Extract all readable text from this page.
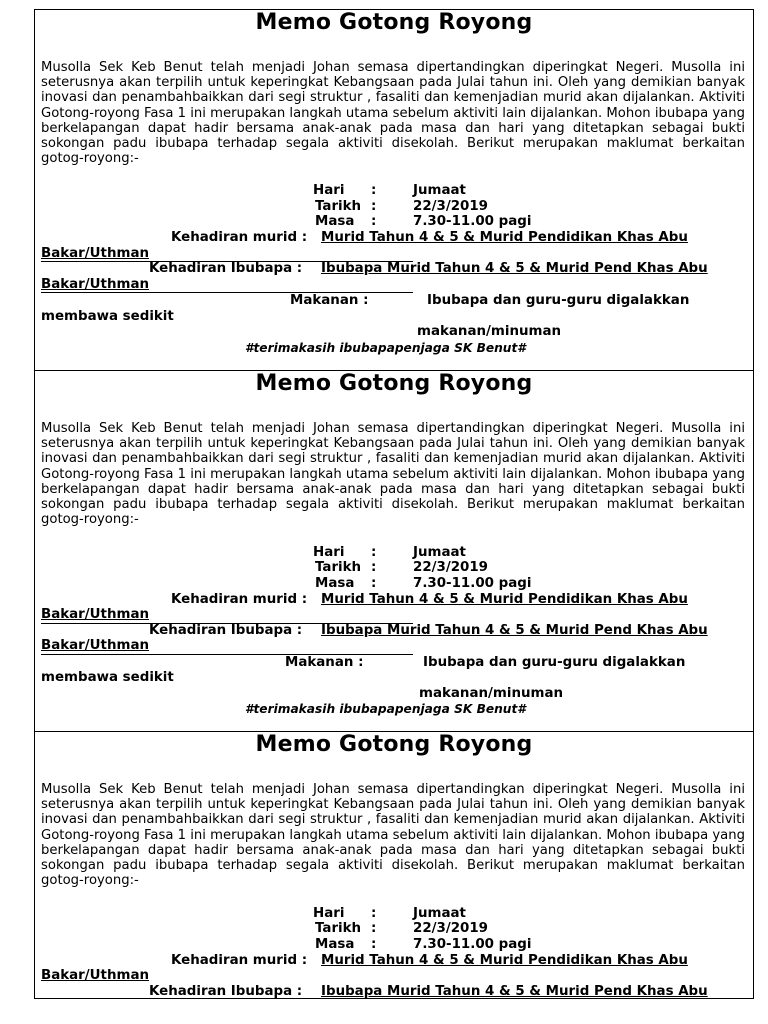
Memo Gotong Royong
Musolla Sek Keb Benut telah menjadi Johan semasa dipertandingkan diperingkat Negeri. Musolla ini seterusnya akan terpilih untuk keperingkat Kebangsaan pada Julai tahun ini. Oleh yang demikian banyak inovasi dan penambahbaikkan dari segi struktur , fasaliti dan kemenjadian murid akan dijalankan. Aktiviti Gotong-royong Fasa 1 ini merupakan langkah utama sebelum aktiviti lain dijalankan. Mohon ibubapa yang berkelapangan dapat hadir bersama anak-anak pada masa dan hari yang ditetapkan sebagai bukti sokongan padu ibubapa terhadap segala aktiviti disekolah. Berikut merupakan maklumat berkaitan gotog-royong:-
Hari :	Jumaat
Tarikh :	22/3/2019
Masa :	7.30-11.00 pagi
Kehadiran murid : Murid Tahun 4 & 5 & Murid Pendidikan Khas Abu
Bakar/Uthman
Kehadiran Ibubapa : Ibubapa Murid Tahun 4 & 5 & Murid Pend Khas Abu
Bakar/Uthman
Makanan :	Ibubapa dan guru-guru digalakkan
membawa sedikit
makanan/minuman
#terimakasih ibubapapenjaga SK Benut#
Memo Gotong Royong
Musolla Sek Keb Benut telah menjadi Johan semasa dipertandingkan diperingkat Negeri. Musolla ini seterusnya akan terpilih untuk keperingkat Kebangsaan pada Julai tahun ini. Oleh yang demikian banyak inovasi dan penambahbaikkan dari segi struktur , fasaliti dan kemenjadian murid akan dijalankan. Aktiviti Gotong-royong Fasa 1 ini merupakan langkah utama sebelum aktiviti lain dijalankan. Mohon ibubapa yang berkelapangan dapat hadir bersama anak-anak pada masa dan hari yang ditetapkan sebagai bukti sokongan padu ibubapa terhadap segala aktiviti disekolah. Berikut merupakan maklumat berkaitan gotog-royong:-
Hari :	Jumaat
Tarikh :	22/3/2019
Masa :	7.30-11.00 pagi
Kehadiran murid : Murid Tahun 4 & 5 & Murid Pendidikan Khas Abu
Bakar/Uthman
Kehadiran Ibubapa : Ibubapa Murid Tahun 4 & 5 & Murid Pend Khas Abu
Bakar/Uthman
Makanan :	Ibubapa dan guru-guru digalakkan
membawa sedikit
makanan/minuman
#terimakasih ibubapapenjaga SK Benut#
Memo Gotong Royong
Musolla Sek Keb Benut telah menjadi Johan semasa dipertandingkan diperingkat Negeri. Musolla ini seterusnya akan terpilih untuk keperingkat Kebangsaan pada Julai tahun ini. Oleh yang demikian banyak inovasi dan penambahbaikkan dari segi struktur , fasaliti dan kemenjadian murid akan dijalankan. Aktiviti Gotong-royong Fasa 1 ini merupakan langkah utama sebelum aktiviti lain dijalankan. Mohon ibubapa yang berkelapangan dapat hadir bersama anak-anak pada masa dan hari yang ditetapkan sebagai bukti sokongan padu ibubapa terhadap segala aktiviti disekolah. Berikut merupakan maklumat berkaitan gotog-royong:-
Hari :	Jumaat
Tarikh :	22/3/2019
Masa :	7.30-11.00 pagi
Kehadiran murid : Murid Tahun 4 & 5 & Murid Pendidikan Khas Abu
Bakar/Uthman
Kehadiran Ibubapa : Ibubapa Murid Tahun 4 & 5 & Murid Pend Khas Abu
